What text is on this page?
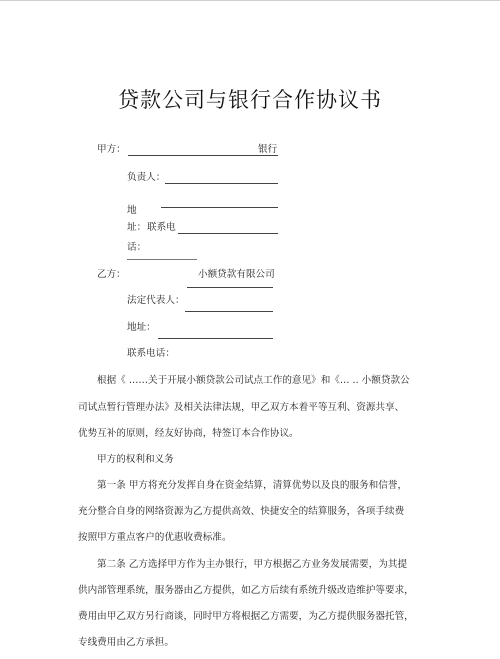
贷款公司与银行合作协议书
甲方：	银行
负责人：
地
址： 联系电
话：
乙方：	小额贷款有限公司
法定代表人：
地址：
联系电话：
根据《 ……关于开展小额贷款公司试点工作的意见》和《… .. 小额贷款公
司试点暂行管理办法》及相关法律法规，甲乙双方本着平等互利、资源共享、
优势互补的原则，经友好协商，特签订本合作协议。
甲方的权利和义务
第一条 甲方将充分发挥自身在资金结算，清算优势以及良的服务和信誉，
充分整合自身的网络资源为乙方提供高效、快捷安全的结算服务，各项手续费
按照甲方重点客户的优惠收费标准。
第二条 乙方选择甲方作为主办银行，甲方根据乙方业务发展需要，为其提
供内部管理系统，服务器由乙方提供，如乙方后续有系统升级改造维护等要求，
费用由甲乙双方另行商谈，同时甲方将根据乙方需要，为乙方提供服务器托管，
专线费用由乙方承担。
